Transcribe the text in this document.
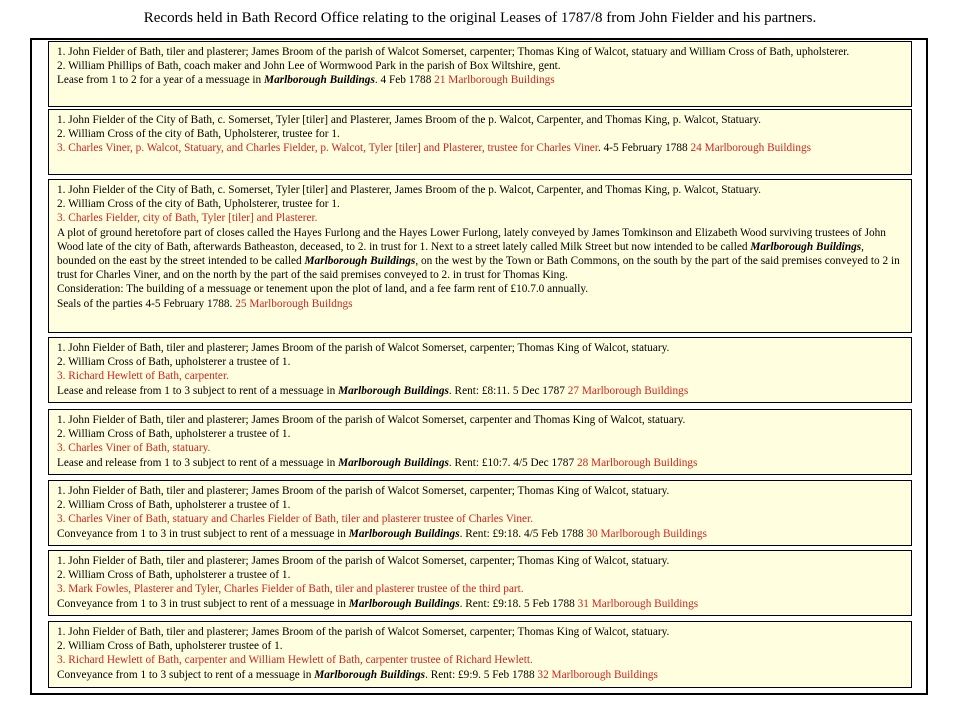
Records held in Bath Record Office relating to the original Leases of 1787/8 from John Fielder and his partners.
1. John Fielder of Bath, tiler and plasterer; James Broom of the parish of Walcot Somerset, carpenter; Thomas King of Walcot, statuary and William Cross of Bath, upholsterer.
2. William Phillips of Bath, coach maker and John Lee of Wormwood Park in the parish of Box Wiltshire, gent.
Lease from 1 to 2 for a year of a messuage in Marlborough Buildings. 4 Feb 1788 21 Marlborough Buildings
1. John Fielder of the City of Bath, c. Somerset, Tyler [tiler] and Plasterer, James Broom of the p. Walcot, Carpenter, and Thomas King, p. Walcot, Statuary.
2. William Cross of the city of Bath, Upholsterer, trustee for 1.
3. Charles Viner, p. Walcot, Statuary, and Charles Fielder, p. Walcot, Tyler [tiler] and Plasterer, trustee for Charles Viner. 4-5 February 1788 24 Marlborough Buildings
1. John Fielder of the City of Bath, c. Somerset, Tyler [tiler] and Plasterer, James Broom of the p. Walcot, Carpenter, and Thomas King, p. Walcot, Statuary.
2. William Cross of the city of Bath, Upholsterer, trustee for 1.
3. Charles Fielder, city of Bath, Tyler [tiler] and Plasterer.
A plot of ground heretofore part of closes called the Hayes Furlong and the Hayes Lower Furlong, lately conveyed by James Tomkinson and Elizabeth Wood surviving trustees of John Wood late of the city of Bath, afterwards Batheaston, deceased, to 2. in trust for 1. Next to a street lately called Milk Street but now intended to be called Marlborough Buildings, bounded on the east by the street intended to be called Marlborough Buildings, on the west by the Town or Bath Commons, on the south by the part of the said premises conveyed to 2 in trust for Charles Viner, and on the north by the part of the said premises conveyed to 2. in trust for Thomas King.
Consideration: The building of a messuage or tenement upon the plot of land, and a fee farm rent of £10.7.0 annually.
Seals of the parties 4-5 February 1788. 25 Marlborough Buildngs
1. John Fielder of Bath, tiler and plasterer; James Broom of the parish of Walcot Somerset, carpenter; Thomas King of Walcot, statuary.
2. William Cross of Bath, upholsterer a trustee of 1.
3. Richard Hewlett of Bath, carpenter.
Lease and release from 1 to 3 subject to rent of a messuage in Marlborough Buildings. Rent: £8:11. 5 Dec 1787 27 Marlborough Buildings
1. John Fielder of Bath, tiler and plasterer; James Broom of the parish of Walcot Somerset, carpenter and Thomas King of Walcot, statuary.
2. William Cross of Bath, upholsterer a trustee of 1.
3. Charles Viner of Bath, statuary.
Lease and release from 1 to 3 subject to rent of a messuage in Marlborough Buildings. Rent: £10:7. 4/5 Dec 1787 28 Marlborough Buildings
1. John Fielder of Bath, tiler and plasterer; James Broom of the parish of Walcot Somerset, carpenter; Thomas King of Walcot, statuary.
2. William Cross of Bath, upholsterer a trustee of 1.
3. Charles Viner of Bath, statuary and Charles Fielder of Bath, tiler and plasterer trustee of Charles Viner.
Conveyance from 1 to 3 in trust subject to rent of a messuage in Marlborough Buildings. Rent: £9:18. 4/5 Feb 1788 30 Marlborough Buildings
1. John Fielder of Bath, tiler and plasterer; James Broom of the parish of Walcot Somerset, carpenter; Thomas King of Walcot, statuary.
2. William Cross of Bath, upholsterer a trustee of 1.
3. Mark Fowles, Plasterer and Tyler, Charles Fielder of Bath, tiler and plasterer trustee of the third part.
Conveyance from 1 to 3 in trust subject to rent of a messuage in Marlborough Buildings. Rent: £9:18. 5 Feb 1788 31 Marlborough Buildings
1. John Fielder of Bath, tiler and plasterer; James Broom of the parish of Walcot Somerset, carpenter; Thomas King of Walcot, statuary.
2. William Cross of Bath, upholsterer trustee of 1.
3. Richard Hewlett of Bath, carpenter and William Hewlett of Bath, carpenter trustee of Richard Hewlett.
Conveyance from 1 to 3 subject to rent of a messuage in Marlborough Buildings. Rent: £9:9. 5 Feb 1788 32 Marlborough Buildings
